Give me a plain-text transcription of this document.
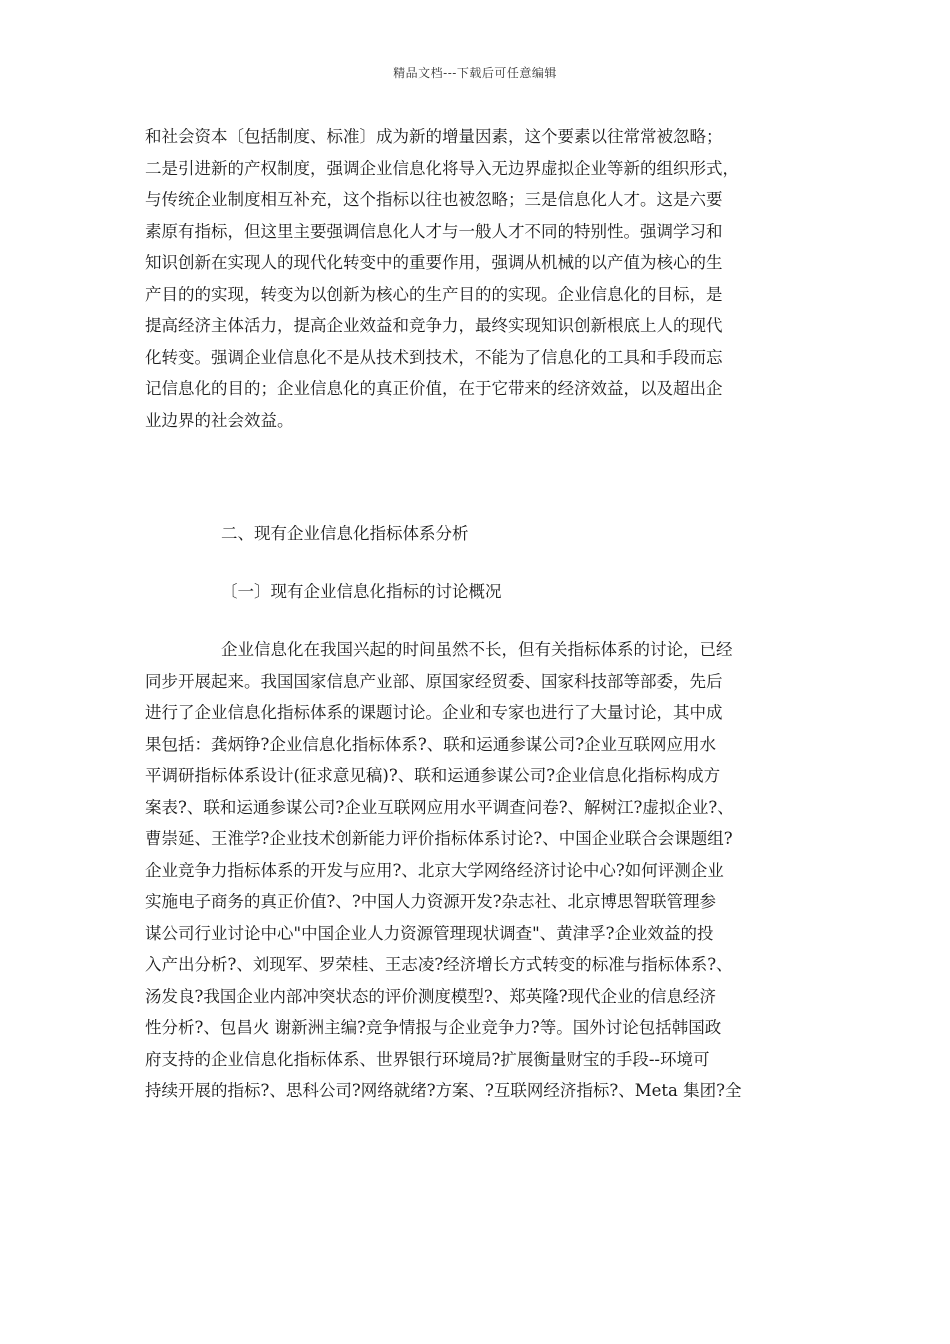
精品文档---下载后可任意编辑
和社会资本〔包括制度、标准〕成为新的增量因素，这个要素以往常常被忽略；
二是引进新的产权制度，强调企业信息化将导入无边界虚拟企业等新的组织形式，
与传统企业制度相互补充，这个指标以往也被忽略；三是信息化人才。这是六要
素原有指标，但这里主要强调信息化人才与一般人才不同的特别性。强调学习和
知识创新在实现人的现代化转变中的重要作用，强调从机械的以产值为核心的生
产目的的实现，转变为以创新为核心的生产目的的实现。企业信息化的目标，是
提高经济主体活力，提高企业效益和竞争力，最终实现知识创新根底上人的现代
化转变。强调企业信息化不是从技术到技术，不能为了信息化的工具和手段而忘
记信息化的目的；企业信息化的真正价值，在于它带来的经济效益，以及超出企
业边界的社会效益。
二、现有企业信息化指标体系分析
〔一〕现有企业信息化指标的讨论概况
企业信息化在我国兴起的时间虽然不长，但有关指标体系的讨论，已经
同步开展起来。我国国家信息产业部、原国家经贸委、国家科技部等部委，先后
进行了企业信息化指标体系的课题讨论。企业和专家也进行了大量讨论，其中成
果包括：龚炳铮?企业信息化指标体系?、联和运通参谋公司?企业互联网应用水
平调研指标体系设计(征求意见稿)?、联和运通参谋公司?企业信息化指标构成方
案表?、联和运通参谋公司?企业互联网应用水平调查问卷?、解树江?虚拟企业?、
曹崇延、王淮学?企业技术创新能力评价指标体系讨论?、中国企业联合会课题组?
企业竞争力指标体系的开发与应用?、北京大学网络经济讨论中心?如何评测企业
实施电子商务的真正价值?、?中国人力资源开发?杂志社、北京博思智联管理参
谋公司行业讨论中心"中国企业人力资源管理现状调查"、黄津孚?企业效益的投
入产出分析?、刘现军、罗荣桂、王志凌?经济增长方式转变的标准与指标体系?、
汤发良?我国企业内部冲突状态的评价测度模型?、郑英隆?现代企业的信息经济
性分析?、包昌火 谢新洲主编?竞争情报与企业竞争力?等。国外讨论包括韩国政
府支持的企业信息化指标体系、世界银行环境局?扩展衡量财宝的手段--环境可
持续开展的指标?、思科公司?网络就绪?方案、?互联网经济指标?、Meta 集团?全
